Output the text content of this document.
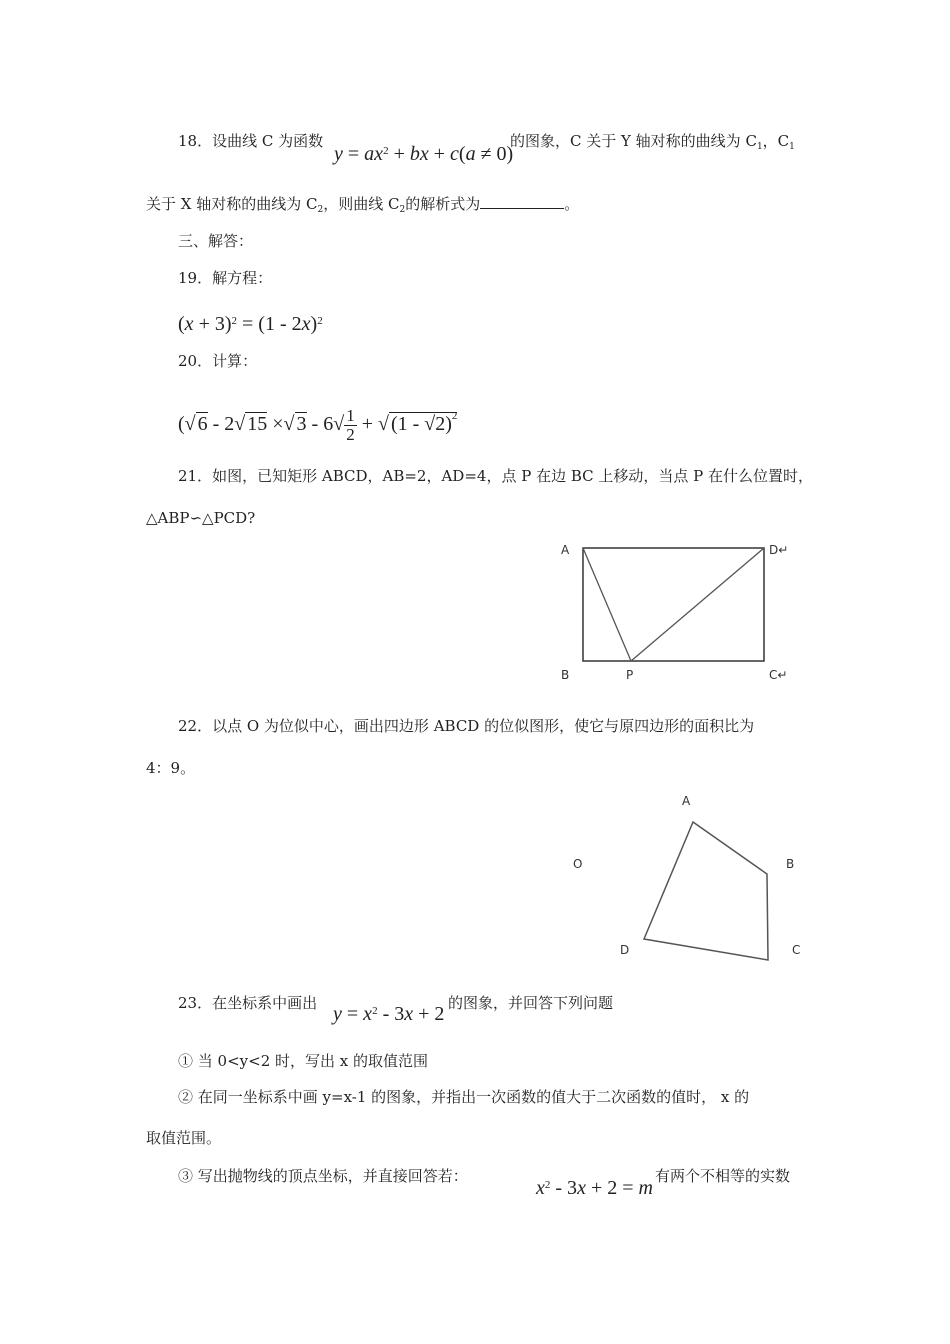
18．设曲线 C 为函数
$y = ax^2$ + bx + c(a ≠ 0)
的图象，C 关于 Y 轴对称的曲线为 $C_1$，$C_1$
关于 X 轴对称的曲线为 $C_2$，则曲线 $C_2$的解析式为	。
三、解答：
19．解方程：
$(x + 3)^2 = (1 - 2x)^2$
20．计算：
(√ 6 - 2√ 15 ×√ $3 - 6√ \frac{1}{2}$ + √ (1 - √2)$^2$
21．如图，已知矩形 ABCD，AB=2，AD=4，点 P 在边 BC 上移动，当点 P 在什么位置时，
△ABP∽△PCD?
A	D↵
B	P	C↵
22．以点 O 为位似中心，画出四边形 ABCD 的位似图形，使它与原四边形的面积比为
4：9。
A
B
C
D
O
23．在坐标系中画出 $y = x^2 - 3x + 2$ 的图象，并回答下列问题
① 当 0<y<2 时，写出 x 的取值范围
② 在同一坐标系中画 y=x-1 的图象，并指出一次函数的值大于二次函数的值时， x 的
取值范围。
③ 写出抛物线的顶点坐标，并直接回答若：
$x^2 - 3x + 2 = m$
有两个不相等的实数
